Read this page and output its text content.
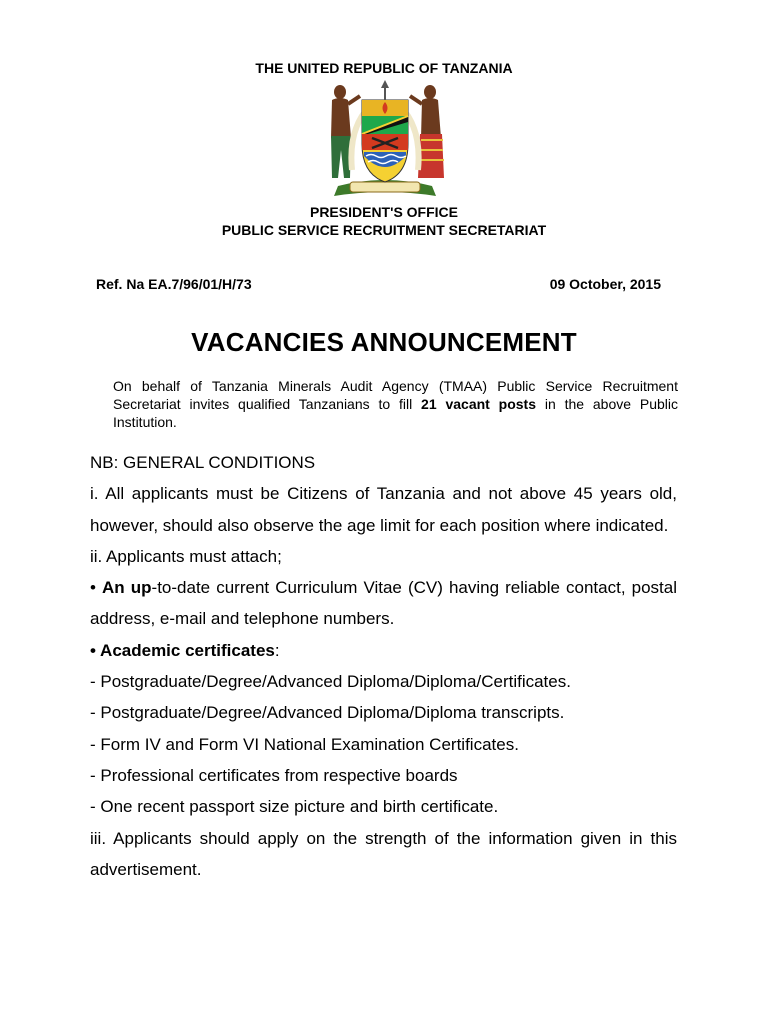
THE UNITED REPUBLIC OF TANZANIA
PRESIDENT'S OFFICE
PUBLIC SERVICE RECRUITMENT SECRETARIAT
Ref. Na EA.7/96/01/H/73	09 October, 2015
VACANCIES ANNOUNCEMENT
On behalf of Tanzania Minerals Audit Agency (TMAA) Public Service Recruitment Secretariat invites qualified Tanzanians to fill 21 vacant posts in the above Public Institution.

NB: GENERAL CONDITIONS

i. All applicants must be Citizens of Tanzania and not above 45 years old, however, should also observe the age limit for each position where indicated.

ii. Applicants must attach;

• An up-to-date current Curriculum Vitae (CV) having reliable contact, postal address, e-mail and telephone numbers.

• Academic certificates:

- Postgraduate/Degree/Advanced Diploma/Diploma/Certificates.

- Postgraduate/Degree/Advanced Diploma/Diploma transcripts.

- Form IV and Form VI National Examination Certificates.

- Professional certificates from respective boards

- One recent passport size picture and birth certificate.

iii. Applicants should apply on the strength of the information given in this advertisement.
